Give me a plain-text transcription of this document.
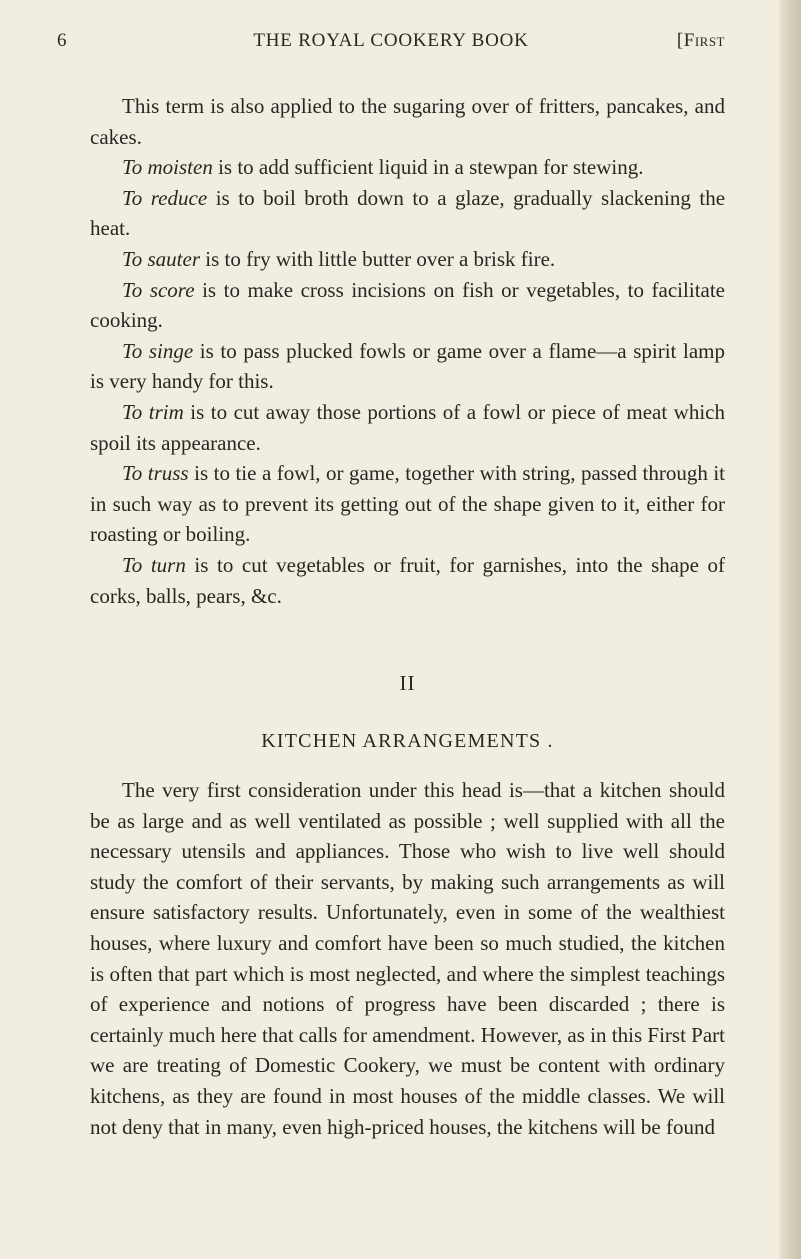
6	THE ROYAL COOKERY BOOK	[First

This term is also applied to the sugaring over of fritters, pancakes, and cakes.

To moisten is to add sufficient liquid in a stewpan for stewing.

To reduce is to boil broth down to a glaze, gradually slackening the heat.

To sauter is to fry with little butter over a brisk fire.

To score is to make cross incisions on fish or vegetables, to facilitate cooking.

To singe is to pass plucked fowls or game over a flame—a spirit lamp is very handy for this.

To trim is to cut away those portions of a fowl or piece of meat which spoil its appearance.

To truss is to tie a fowl, or game, together with string, passed through it in such way as to prevent its getting out of the shape given to it, either for roasting or boiling.

To turn is to cut vegetables or fruit, for garnishes, into the shape of corks, balls, pears, &c.

II
KITCHEN ARRANGEMENTS .

The very first consideration under this head is—that a kitchen should be as large and as well ventilated as possible ; well supplied with all the necessary utensils and appliances. Those who wish to live well should study the comfort of their servants, by making such arrangements as will ensure satisfactory results. Unfortunately, even in some of the wealthiest houses, where luxury and comfort have been so much studied, the kitchen is often that part which is most neglected, and where the simplest teachings of experience and notions of progress have been discarded ; there is certainly much here that calls for amendment. However, as in this First Part we are treating of Domestic Cookery, we must be content with ordinary kitchens, as they are found in most houses of the middle classes. We will not deny that in many, even high-priced houses, the kitchens will be found
